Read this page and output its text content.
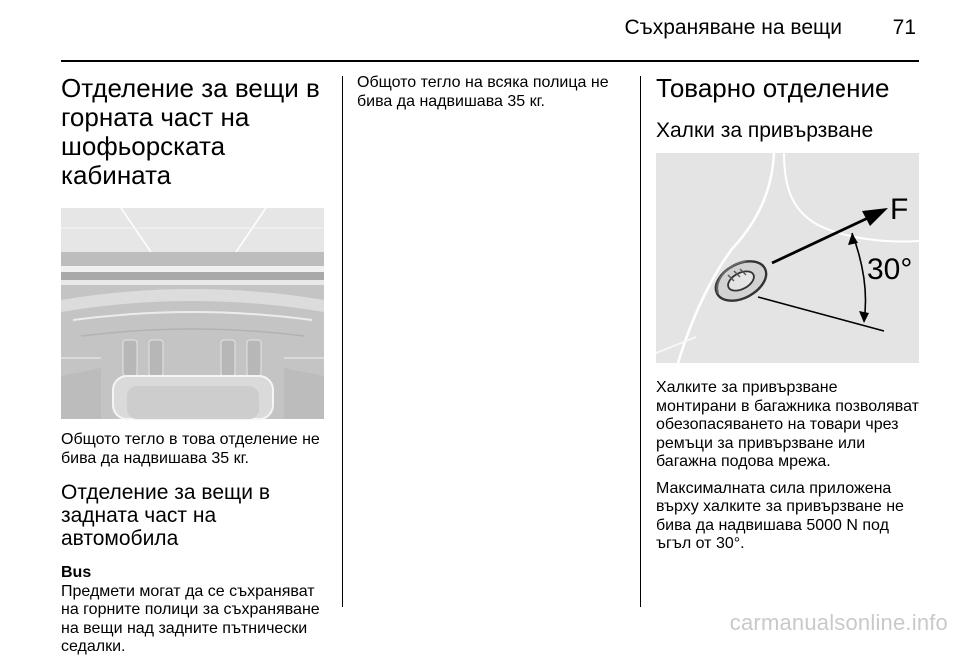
Съхраняване на вещи 71
Отделение за вещи в горната част на шофьорската кабината

Общото тегло в това отделение не бива да надвишава 35 кг.

Отделение за вещи в задната част на автомобила

Bus

Предмети могат да се съхраняват на горните полици за съхраняване на вещи над задните пътнически седалки.

Общото тегло на всяка полица не бива да надвишава 35 кг.	Товарно отделение
Халки за привързване
F
30°

Халките за привързване монтирани в багажника позволяват обезопасяването на товари чрез ремъци за привързване или багажна подова мрежа.

Максималната сила приложена върху халките за привързване не бива да надвишава 5000 N под ъгъл от 30°.

carmanualsonline.info
